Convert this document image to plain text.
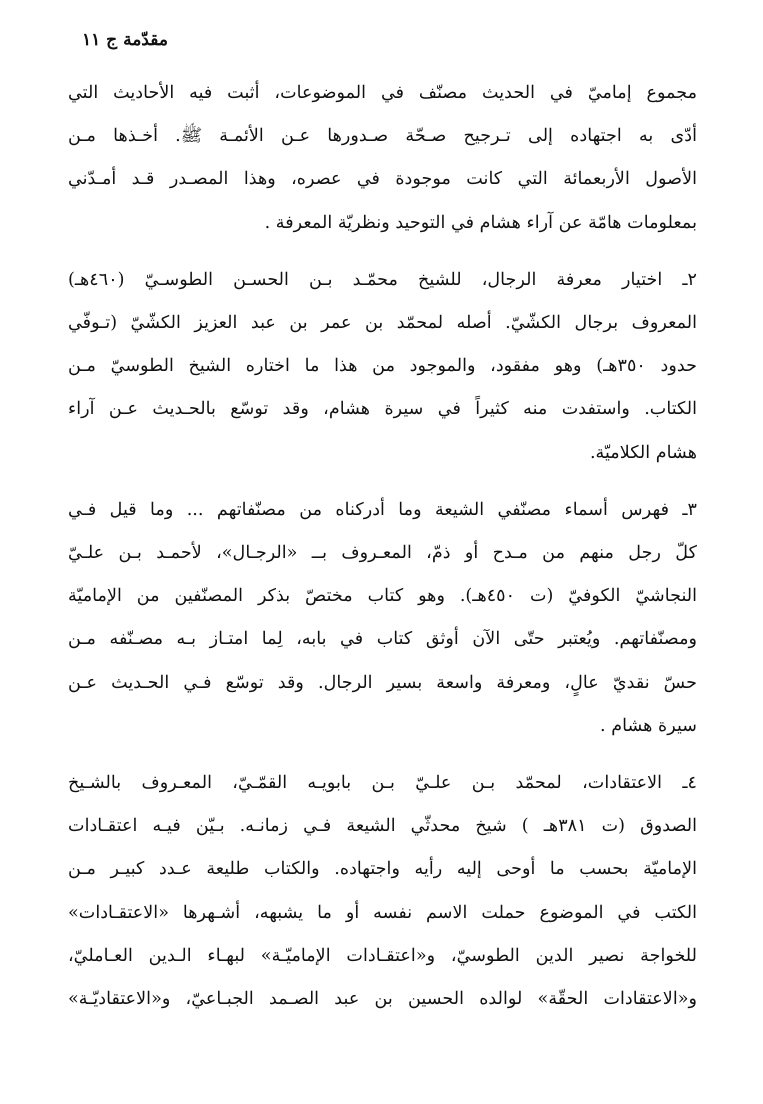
مقدّمة ج ١١
مجموع إماميّ في الحديث مصنّف في الموضوعات، أثبت فيه الأحاديث التي
أدّى به اجتهاده إلى تـرجيح صـحّة صـدورها عـن الأئمـة ﷺ. أخـذها مـن
الأصول الأربعمائة التي كانت موجودة في عصره، وهذا المصـدر قـد أمـدّني
بمعلومات هامّة عن آراء هشام في التوحيد ونظريّة المعرفة .
٢ـ اختيار معرفة الرجال، للشيخ محمّـد بـن الحسـن الطوسـيّ (٤٦٠هـ)
المعروف برجال الكشّيّ. أصله لمحمّد بن عمر بن عبد العزيز الكشّيّ (تـوفّي
حدود ٣٥٠هـ) وهو مفقود، والموجود من هذا ما اختاره الشيخ الطوسيّ مـن
الكتاب. واستفدت منه كثيراً في سيرة هشام، وقد توسّع بالحـديث عـن آراء
هشام الكلاميّة.
٣ـ فهرس أسماء مصنّفي الشيعة وما أدركناه من مصنّفاتهم ... وما قيل فـي
كلّ رجل منهم من مـدح أو ذمّ، المعـروف بــ «الرجـال»، لأحمـد بـن علـيّ
النجاشيّ الكوفيّ (ت ٤٥٠هـ). وهو كتاب مختصّ بذكر المصنّفين من الإماميّة
ومصنّفاتهم. ويُعتبر حتّى الآن أوثق كتاب في بابه، لِما امتـاز بـه مصـنّفه مـن
حسّ نقديّ عالٍ، ومعرفة واسعة بسير الرجال. وقد توسّع فـي الحـديث عـن
سيرة هشام .
٤ـ الاعتقادات، لمحمّد بـن علـيّ بـن بابويـه القمّـيّ، المعـروف بالشـيخ
الصدوق (ت ٣٨١هـ ) شيخ محدثّي الشيعة فـي زمانـه. بـيّن فيـه اعتقـادات
الإماميّة بحسب ما أوحى إليه رأيه واجتهاده. والكتاب طليعة عـدد كبيـر مـن
الكتب في الموضوع حملت الاسم نفسه أو ما يشبهه، أشـهرها «الاعتقـادات»
للخواجة نصير الدين الطوسيّ، و«اعتقـادات الإماميّـة» لبهـاء الـدين العـامليّ،
و«الاعتقادات الحقّة» لوالده الحسين بن عبد الصـمد الجبـاعيّ، و«الاعتقاديّـة»
